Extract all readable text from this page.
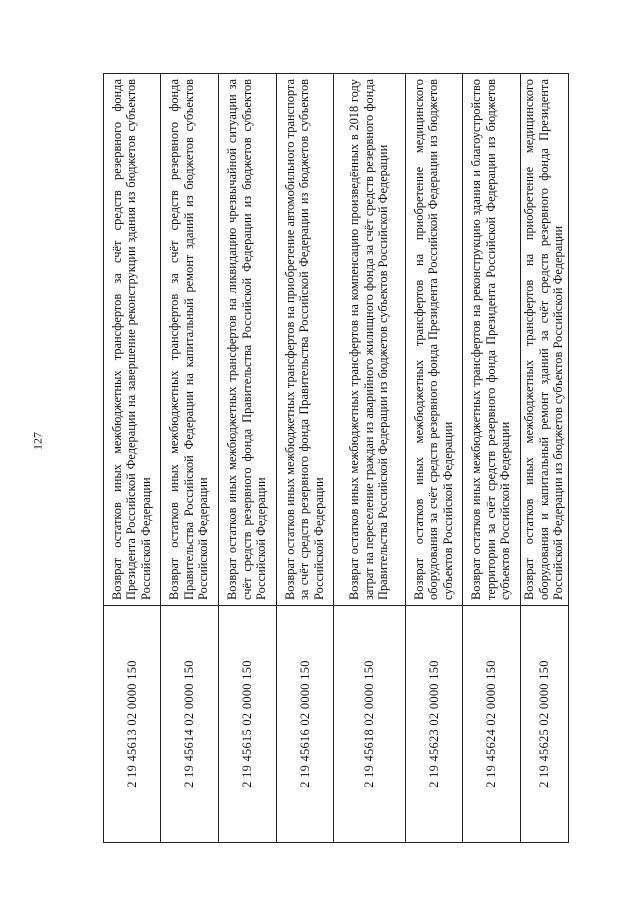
127
2 19 45613 02 0000 150	Возврат остатков иных межбюджетных трансфертов за счёт средств резервного фонда Президента Российской Федерации на завершение реконструкции здания из бюджетов субъектов Российской Федерации
2 19 45614 02 0000 150	Возврат остатков иных межбюджетных трансфертов за счёт средств резервного фонда Правительства Российской Федерации на капитальный ремонт зданий из бюджетов субъектов Российской Федерации
2 19 45615 02 0000 150	Возврат остатков иных межбюджетных трансфертов на ликвидацию чрезвычайной ситуации за счёт средств резервного фонда Правительства Российской Федерации из бюджетов субъектов Российской Федерации
2 19 45616 02 0000 150	Возврат остатков иных межбюджетных трансфертов на приобретение автомобильного транспорта за счёт средств резервного фонда Правительства Российской Федерации из бюджетов субъектов Российской Федерации
2 19 45618 02 0000 150	Возврат остатков иных межбюджетных трансфертов на компенсацию произведённых в 2018 году затрат на переселение граждан из аварийного жилищного фонда за счёт средств резервного фонда Правительства Российской Федерации из бюджетов субъектов Российской Федерации
2 19 45623 02 0000 150	Возврат остатков иных межбюджетных трансфертов на приобретение медицинского оборудования за счёт средств резервного фонда Президента Российской Федерации из бюджетов субъектов Российской Федерации
2 19 45624 02 0000 150	Возврат остатков иных межбюджетных трансфертов на реконструкцию здания и благоустройство территории за счёт средств резервного фонда Президента Российской Федерации из бюджетов субъектов Российской Федерации
2 19 45625 02 0000 150	Возврат остатков иных межбюджетных трансфертов на приобретение медицинского оборудования и капитальный ремонт зданий за счёт средств резервного фонда Президента Российской Федерации из бюджетов субъектов Российской Федерации
